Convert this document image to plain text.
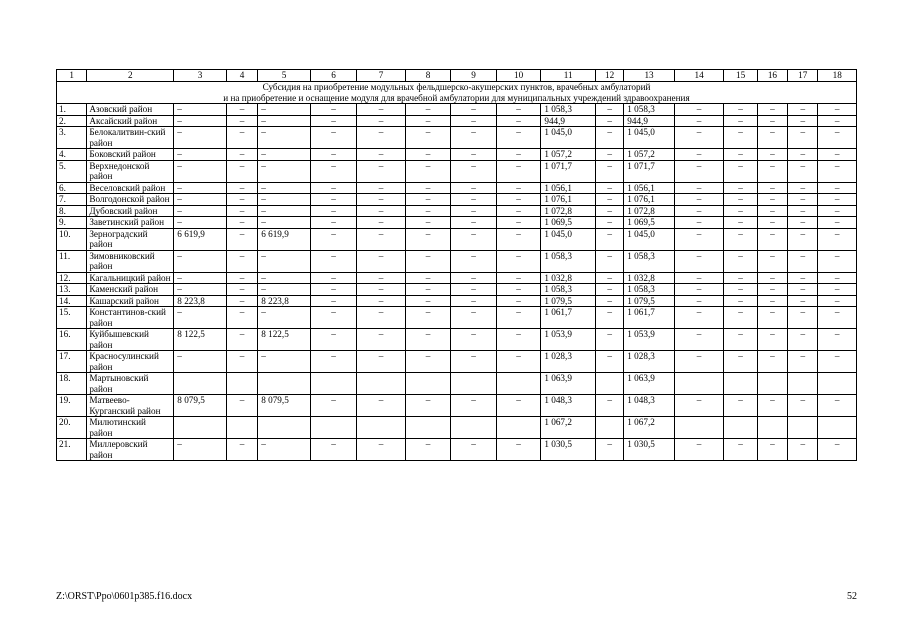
1	2	3	4	5	6	7	8	9	10	11	12	13	14	15	16	17	18

Субсидия на приобретение модульных фельдшерско-акушерских пунктов, врачебных амбулаторий
и на приобретение и оснащение модуля для врачебной амбулатории для муниципальных учреждений здравоохранения																	

1.	Азовский район	–	–	–	–	–	–	–	–	1 058,3	–	1 058,3	–	–	–	–	–
2.	Аксайский район	–	–	–	–	–	–	–	–	944,9	–	944,9	–	–	–	–	–
3.	Белокалитвин-ский район	–	–	–	–	–	–	–	–	1 045,0	–	1 045,0	–	–	–	–	–
4.	Боковский район	–	–	–	–	–	–	–	–	1 057,2	–	1 057,2	–	–	–	–	–
5.	Верхнедонской район	–	–	–	–	–	–	–	–	1 071,7	–	1 071,7	–	–	–	–	–
6.	Веселовский район	–	–	–	–	–	–	–	–	1 056,1	–	1 056,1	–	–	–	–	–
7.	Волгодонской район	–	–	–	–	–	–	–	–	1 076,1	–	1 076,1	–	–	–	–	–
8.	Дубовский район	–	–	–	–	–	–	–	–	1 072,8	–	1 072,8	–	–	–	–	–
9.	Заветинский район	–	–	–	–	–	–	–	–	1 069,5	–	1 069,5	–	–	–	–	–
10.	Зерноградский район	6 619,9	–	6 619,9	–	–	–	–	–	1 045,0	–	1 045,0	–	–	–	–	–
11.	Зимовниковский район	–	–	–	–	–	–	–	–	1 058,3	–	1 058,3	–	–	–	–	–
12.	Кагальницкий район	–	–	–	–	–	–	–	–	1 032,8	–	1 032,8	–	–	–	–	–
13.	Каменский район	–	–	–	–	–	–	–	–	1 058,3	–	1 058,3	–	–	–	–	–
14.	Кашарский район	8 223,8	–	8 223,8	–	–	–	–	–	1 079,5	–	1 079,5	–	–	–	–	–
15.	Константинов-ский район	–	–	–	–	–	–	–	–	1 061,7	–	1 061,7	–	–	–	–	–
16.	Куйбышевский район	8 122,5	–	8 122,5	–	–	–	–	–	1 053,9	–	1 053,9	–	–	–	–	–
17.	Красносулинский район	–	–	–	–	–	–	–	–	1 028,3	–	1 028,3	–	–	–	–	–
18.	Мартыновский район									1 063,9		1 063,9					
19.	Матвеево-Курганский район	8 079,5	–	8 079,5	–	–	–	–	–	1 048,3	–	1 048,3	–	–	–	–	–
20.	Милютинский район									1 067,2		1 067,2					
21.	Миллеровский район	–	–	–	–	–	–	–	–	1 030,5	–	1 030,5	–	–	–	–	–
Z:\ORST\Ppo\0601p385.f16.docx	52
